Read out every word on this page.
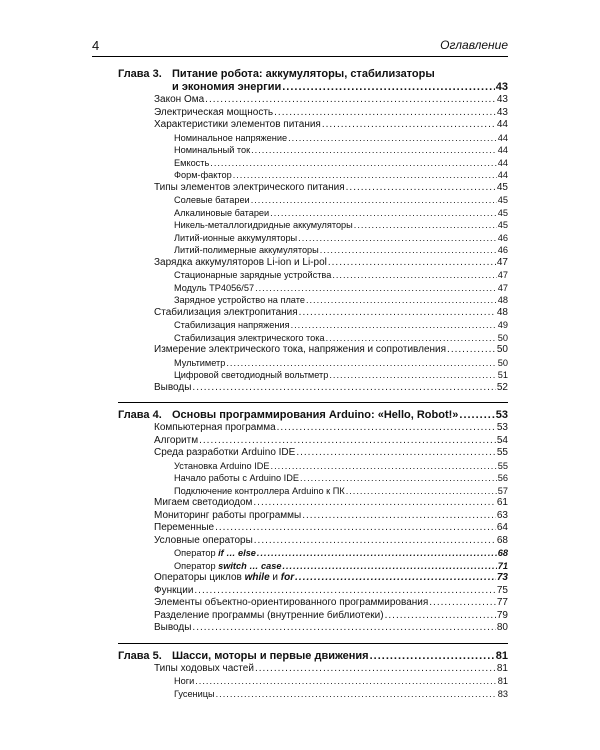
4	Оглавление
Глава 3. Питание робота: аккумуляторы, стабилизаторы
и экономия энергии .....	43
Закон Ома .....	43
Электрическая мощность .....	43
Характеристики элементов питания .....	44
Номинальное напряжение .....	44
Номинальный ток .....	44
Емкость .....	44
Форм-фактор .....	44
Типы элементов электрического питания .....	45
Солевые батареи .....	45
Алкалиновые батареи .....	45
Никель-металлогидридные аккумуляторы .....	45
Литий-ионные аккумуляторы .....	46
Литий-полимерные аккумуляторы .....	46
Зарядка аккумуляторов Li-ion и Li-pol .....	47
Стационарные зарядные устройства .....	47
Модуль TP4056/57 .....	47
Зарядное устройство на плате .....	48
Стабилизация электропитания .....	48
Стабилизация напряжения .....	49
Стабилизация электрического тока .....	50
Измерение электрического тока, напряжения и сопротивления .....	50
Мультиметр .....	50
Цифровой светодиодный вольтметр .....	51
Выводы .....	52
Глава 4. Основы программирования Arduino: «Hello, Robot!» .....	53
Компьютерная программа .....	53
Алгоритм .....	54
Среда разработки Arduino IDE .....	55
Установка Arduino IDE .....	55
Начало работы с Arduino IDE .....	56
Подключение контроллера Arduino к ПК .....	57
Мигаем светодиодом .....	61
Мониторинг работы программы .....	63
Переменные .....	64
Условные операторы .....	68
Оператор if … else .....	68
Оператор switch … case .....	71
Операторы циклов while и for .....	73
Функции .....	75
Элементы объектно-ориентированного программирования .....	77
Разделение программы (внутренние библиотеки) .....	79
Выводы .....	80
Глава 5. Шасси, моторы и первые движения .....	81
Типы ходовых частей .....	81
Ноги .....	81
Гусеницы .....	83
